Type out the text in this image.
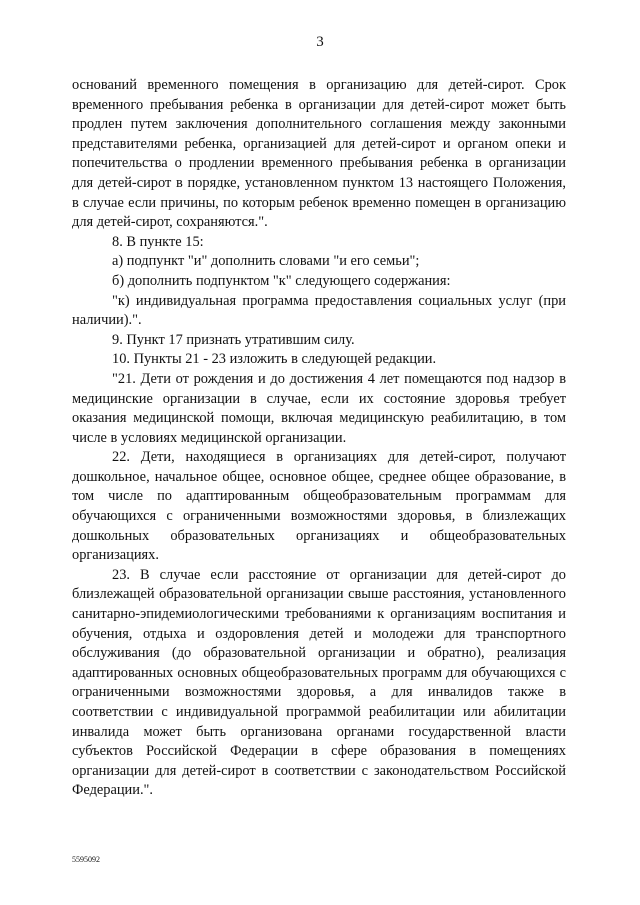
3

оснований временного помещения в организацию для детей-сирот. Срок временного пребывания ребенка в организации для детей-сирот может быть продлен путем заключения дополнительного соглашения между законными представителями ребенка, организацией для детей-сирот и органом опеки и попечительства о продлении временного пребывания ребенка в организации для детей-сирот в порядке, установленном пунктом 13 настоящего Положения, в случае если причины, по которым ребенок временно помещен в организацию для детей-сирот, сохраняются.".

8. В пункте 15:

а) подпункт "и" дополнить словами "и его семьи";

б) дополнить подпунктом "к" следующего содержания:

"к) индивидуальная программа предоставления социальных услуг (при наличии).".

9. Пункт 17 признать утратившим силу.

10. Пункты 21 - 23 изложить в следующей редакции.

"21. Дети от рождения и до достижения 4 лет помещаются под надзор в медицинские организации в случае, если их состояние здоровья требует оказания медицинской помощи, включая медицинскую реабилитацию, в том числе в условиях медицинской организации.

22. Дети, находящиеся в организациях для детей-сирот, получают дошкольное, начальное общее, основное общее, среднее общее образование, в том числе по адаптированным общеобразовательным программам для обучающихся с ограниченными возможностями здоровья, в близлежащих дошкольных образовательных организациях и общеобразовательных организациях.

23. В случае если расстояние от организации для детей-сирот до близлежащей образовательной организации свыше расстояния, установленного санитарно-эпидемиологическими требованиями к организациям воспитания и обучения, отдыха и оздоровления детей и молодежи для транспортного обслуживания (до образовательной организации и обратно), реализация адаптированных основных общеобразовательных программ для обучающихся с ограниченными возможностями здоровья, а для инвалидов также в соответствии с индивидуальной программой реабилитации или абилитации инвалида может быть организована органами государственной власти субъектов Российской Федерации в сфере образования в помещениях организации для детей-сирот в соответствии с законодательством Российской Федерации.".

5595092
